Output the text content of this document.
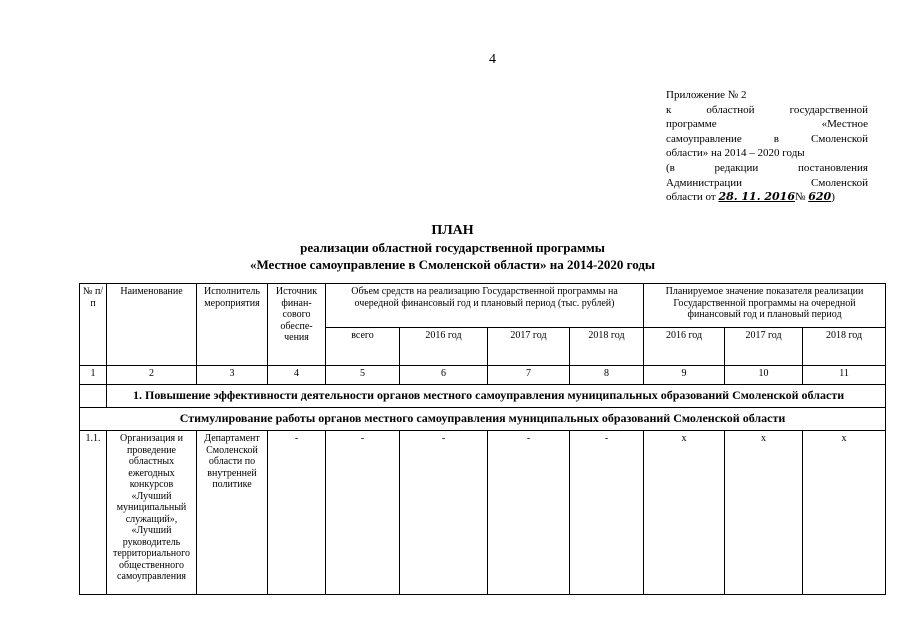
4
Приложение № 2
к областной государственной
программе «Местное
самоуправление в Смоленской
области» на 2014 – 2020 годы
(в редакции постановления
Администрации Смоленской
области от 28. 11. 2016№ 620)
ПЛАН
реализации областной государственной программы
«Местное самоуправление в Смоленской области» на 2014-2020 годы
№ п/п	Наименование	Исполнитель мероприятия	Источник финан-сового обеспе-чения	Объем средств на реализацию Государственной программы на очередной финансовый год и плановый период (тыс. рублей)				Планируемое значение показателя реализации Государственной программы на очередной финансовый год и плановый период		
				всего	2016 год	2017 год	2018 год	2016 год	2017 год	2018 год
1	2	3	4	5	6	7	8	9	10	11
	1. Повышение эффективности деятельности органов местного самоуправления муниципальных образований Смоленской области									
Стимулирование работы органов местного самоуправления муниципальных образований Смоленской области										
1.1.	Организация и проведение областных ежегодных конкурсов «Лучший муниципальный служащий», «Лучший руководитель территориального общественного самоуправления	Департамент Смоленской области по внутренней политике	-	-	-	-	-	х	х	х
